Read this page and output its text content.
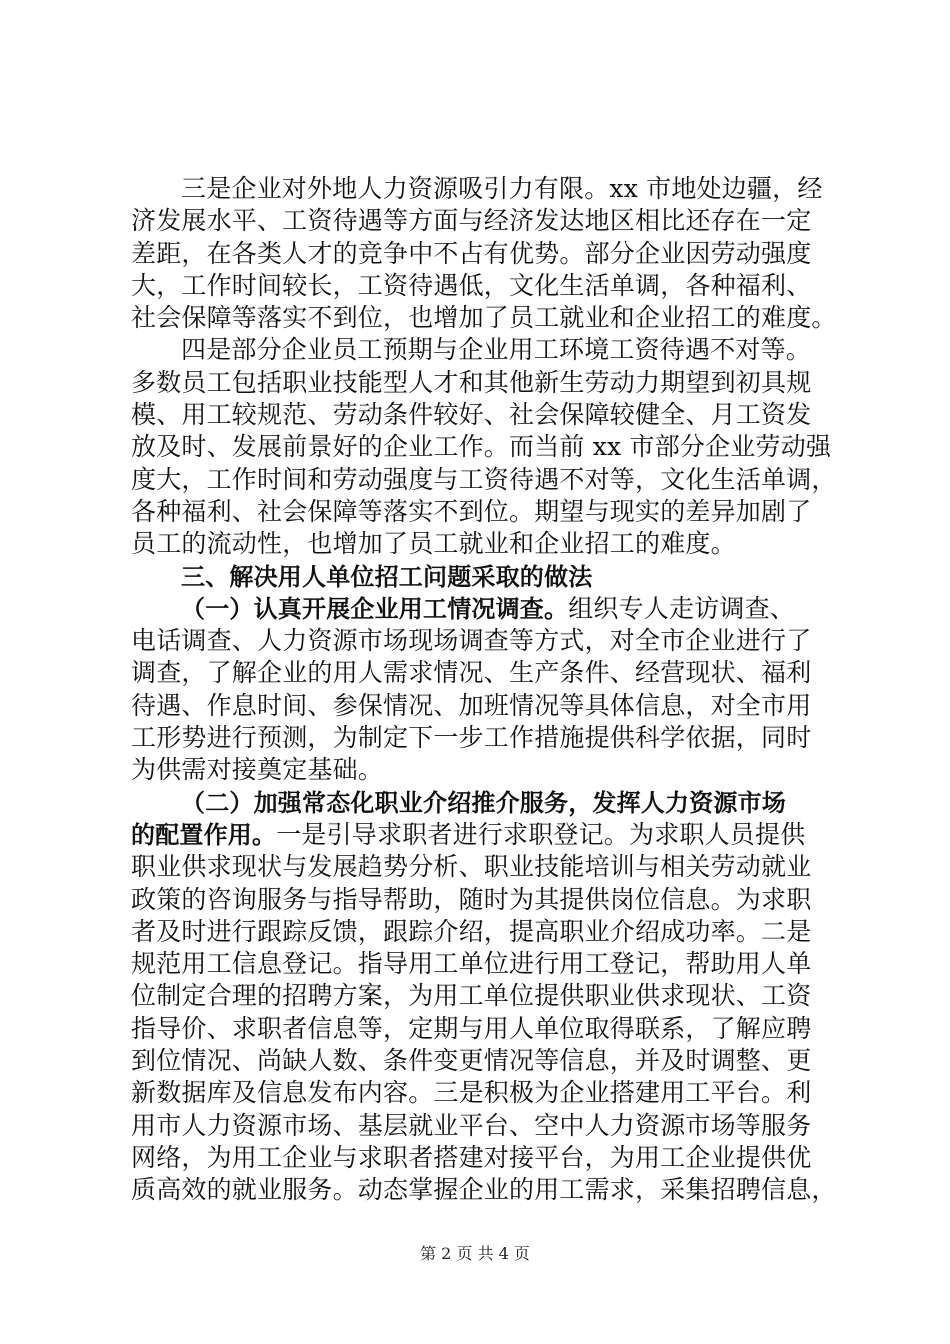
三是企业对外地人力资源吸引力有限。xx 市地处边疆，经
济发展水平、工资待遇等方面与经济发达地区相比还存在一定
差距，在各类人才的竞争中不占有优势。部分企业因劳动强度
大，工作时间较长，工资待遇低，文化生活单调，各种福利、
社会保障等落实不到位，也增加了员工就业和企业招工的难度。
四是部分企业员工预期与企业用工环境工资待遇不对等。
多数员工包括职业技能型人才和其他新生劳动力期望到初具规
模、用工较规范、劳动条件较好、社会保障较健全、月工资发
放及时、发展前景好的企业工作。而当前 xx 市部分企业劳动强
度大，工作时间和劳动强度与工资待遇不对等，文化生活单调，
各种福利、社会保障等落实不到位。期望与现实的差异加剧了
员工的流动性，也增加了员工就业和企业招工的难度。
三、解决用人单位招工问题采取的做法
（一）认真开展企业用工情况调查。组织专人走访调查、
电话调查、人力资源市场现场调查等方式，对全市企业进行了
调查，了解企业的用人需求情况、生产条件、经营现状、福利
待遇、作息时间、参保情况、加班情况等具体信息，对全市用
工形势进行预测，为制定下一步工作措施提供科学依据，同时
为供需对接奠定基础。
（二）加强常态化职业介绍推介服务，发挥人力资源市场
的配置作用。一是引导求职者进行求职登记。为求职人员提供
职业供求现状与发展趋势分析、职业技能培训与相关劳动就业
政策的咨询服务与指导帮助，随时为其提供岗位信息。为求职
者及时进行跟踪反馈，跟踪介绍，提高职业介绍成功率。二是
规范用工信息登记。指导用工单位进行用工登记，帮助用人单
位制定合理的招聘方案，为用工单位提供职业供求现状、工资
指导价、求职者信息等，定期与用人单位取得联系，了解应聘
到位情况、尚缺人数、条件变更情况等信息，并及时调整、更
新数据库及信息发布内容。三是积极为企业搭建用工平台。利
用市人力资源市场、基层就业平台、空中人力资源市场等服务
网络，为用工企业与求职者搭建对接平台，为用工企业提供优
质高效的就业服务。动态掌握企业的用工需求，采集招聘信息，
第 2 页 共 4 页
